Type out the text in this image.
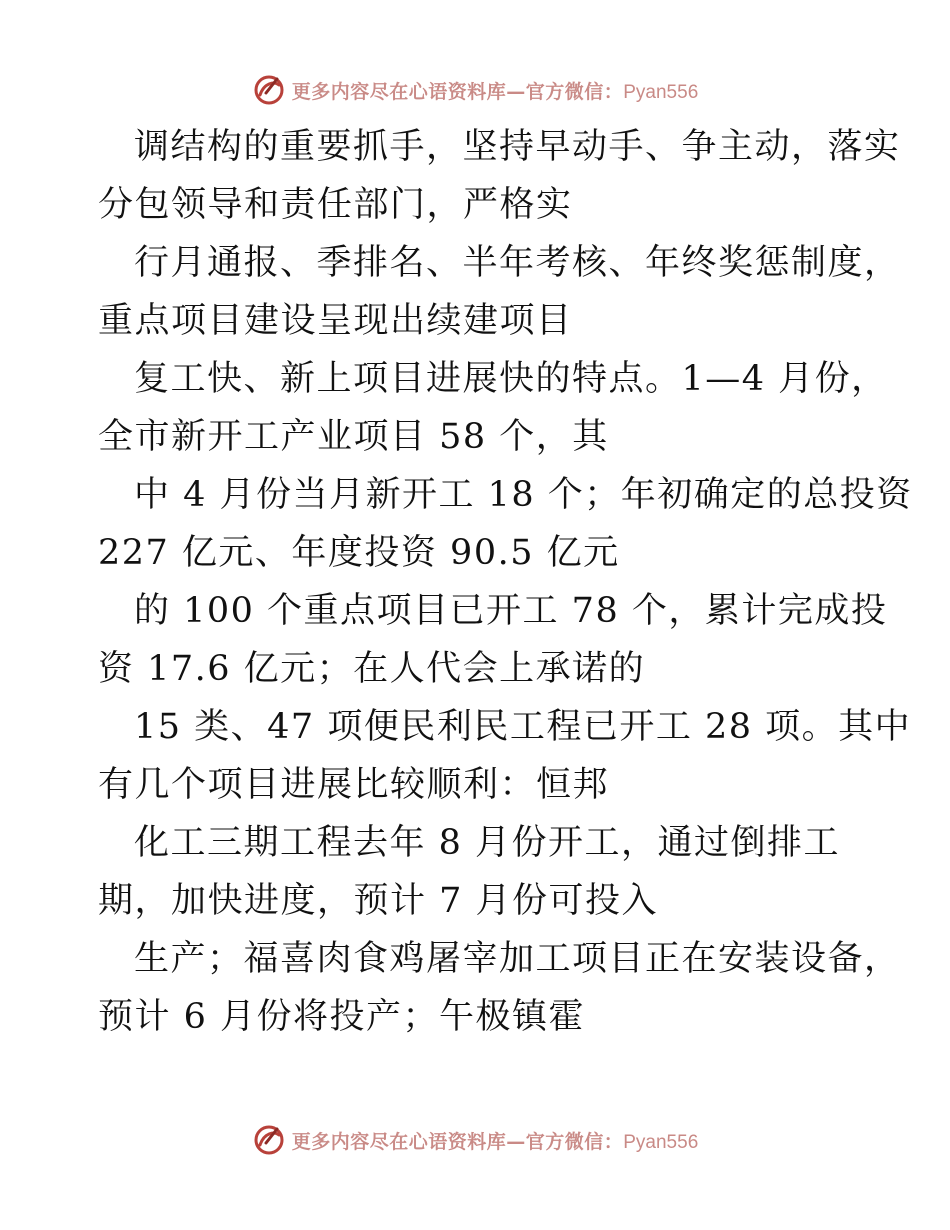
更多内容尽在心语资料库—官方微信：Pyan556
调结构的重要抓手，坚持早动手、争主动，落实
分包领导和责任部门，严格实
行月通报、季排名、半年考核、年终奖惩制度，
重点项目建设呈现出续建项目
复工快、新上项目进展快的特点。1—4 月份，
全市新开工产业项目 58 个，其
中 4 月份当月新开工 18 个；年初确定的总投资
227 亿元、年度投资 90.5 亿元
的 100 个重点项目已开工 78 个，累计完成投
资 17.6 亿元；在人代会上承诺的
15 类、47 项便民利民工程已开工 28 项。其中
有几个项目进展比较顺利：恒邦
化工三期工程去年 8 月份开工，通过倒排工
期，加快进度，预计 7 月份可投入
生产；福喜肉食鸡屠宰加工项目正在安装设备，
预计 6 月份将投产；午极镇霍
更多内容尽在心语资料库—官方微信：Pyan556
